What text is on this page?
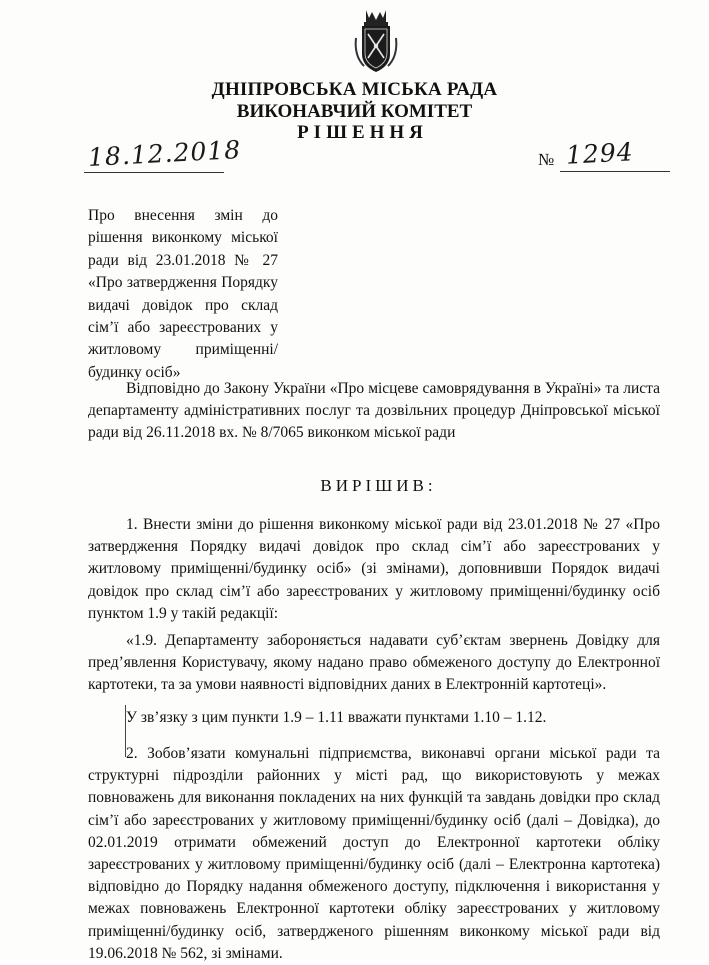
ДНІПРОВСЬКА МІСЬКА РАДА
ВИКОНАВЧИЙ КОМІТЕТ
РІШЕННЯ
18.12.2018	№ 1294
Про внесення змін до рішення виконкому міської ради від 23.01.2018 № 27 «Про затвердження Порядку видачі довідок про склад сім’ї або зареєстрованих у житловому приміщенні/будинку осіб»
Відповідно до Закону України «Про місцеве самоврядування в Україні» та листа департаменту адміністративних послуг та дозвільних процедур Дніпровської міської ради від 26.11.2018 вх. № 8/7065 виконком міської ради
ВИРІШИВ:
1. Внести зміни до рішення виконкому міської ради від 23.01.2018 № 27 «Про затвердження Порядку видачі довідок про склад сім’ї або зареєстрованих у житловому приміщенні/будинку осіб» (зі змінами), доповнивши Порядок видачі довідок про склад сім’ї або зареєстрованих у житловому приміщенні/будинку осіб пунктом 1.9 у такій редакції:
«1.9. Департаменту забороняється надавати суб’єктам звернень Довідку для пред’явлення Користувачу, якому надано право обмеженого доступу до Електронної картотеки, та за умови наявності відповідних даних в Електронній картотеці».
У зв’язку з цим пункти 1.9 – 1.11 вважати пунктами 1.10 – 1.12.
2. Зобов’язати комунальні підприємства, виконавчі органи міської ради та структурні підрозділи районних у місті рад, що використовують у межах повноважень для виконання покладених на них функцій та завдань довідки про склад сім’ї або зареєстрованих у житловому приміщенні/будинку осіб (далі – Довідка), до 02.01.2019 отримати обмежений доступ до Електронної картотеки обліку зареєстрованих у житловому приміщенні/будинку осіб (далі – Електронна картотека) відповідно до Порядку надання обмеженого доступу, підключення і використання у межах повноважень Електронної картотеки обліку зареєстрованих у житловому приміщенні/будинку осіб, затвердженого рішенням виконкому міської ради від 19.06.2018 № 562, зі змінами.
